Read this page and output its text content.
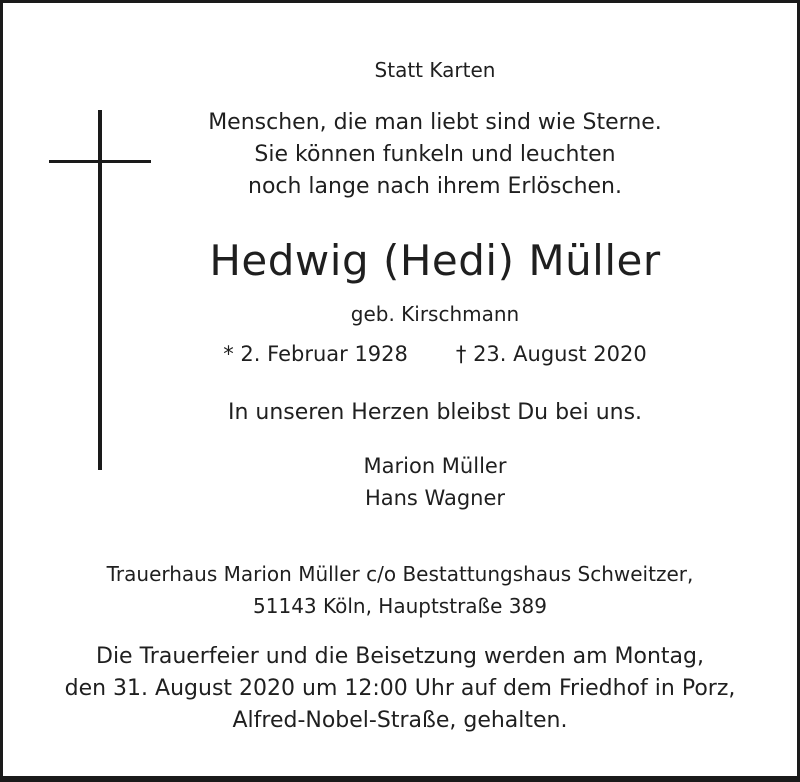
Statt Karten
Menschen, die man liebt sind wie Sterne.
Sie können funkeln und leuchten
noch lange nach ihrem Erlöschen.
Hedwig (Hedi) Müller
geb. Kirschmann
* 2. Februar 1928 † 23. August 2020
In unseren Herzen bleibst Du bei uns.
Marion Müller
Hans Wagner
Trauerhaus Marion Müller c/o Bestattungshaus Schweitzer,
51143 Köln, Hauptstraße 389
Die Trauerfeier und die Beisetzung werden am Montag,
den 31. August 2020 um 12:00 Uhr auf dem Friedhof in Porz,
Alfred-Nobel-Straße, gehalten.
